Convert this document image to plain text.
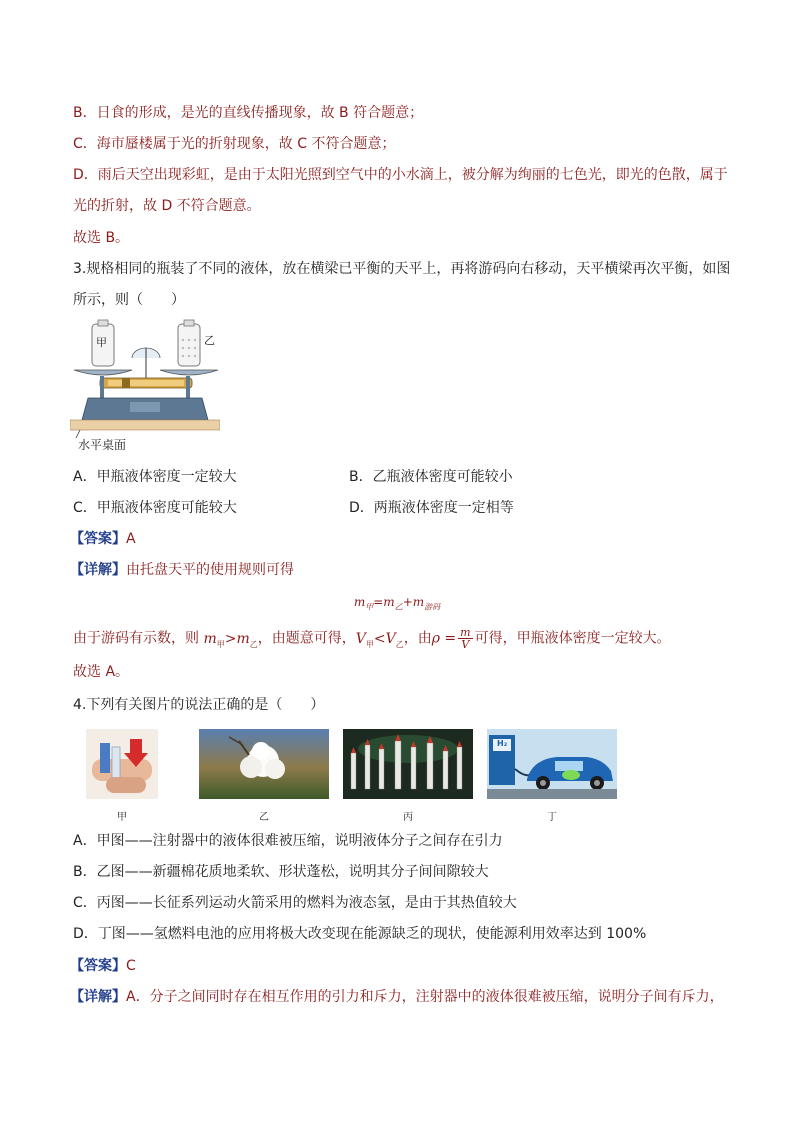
B．日食的形成，是光的直线传播现象，故 B 符合题意；
C．海市蜃楼属于光的折射现象，故 C 不符合题意；
D．雨后天空出现彩虹，是由于太阳光照到空气中的小水滴上，被分解为绚丽的七色光，即光的色散，属于
光的折射，故 D 不符合题意。
故选 B。
3.规格相同的瓶装了不同的液体，放在横梁已平衡的天平上，再将游码向右移动，天平横梁再次平衡，如图
所示，则（　　）
甲	乙
水平桌面
A．甲瓶液体密度一定较大	B．乙瓶液体密度可能较小
C．甲瓶液体密度可能较大	D．两瓶液体密度一定相等
【答案】A
【详解】由托盘天平的使用规则可得
$m_甲=m_乙+m_{游码}$
由于游码有示数，则 $m_甲>m_乙$，由题意可得，$V_甲<V_乙$，由$\rho = \frac{m}{V}$ 可得，甲瓶液体密度一定较大。
故选 A。
4.下列有关图片的说法正确的是（　　）
H₂
甲	乙	丙	丁
A．甲图——注射器中的液体很难被压缩，说明液体分子之间存在引力
B．乙图——新疆棉花质地柔软、形状蓬松，说明其分子间间隙较大
C．丙图——长征系列运动火箭采用的燃料为液态氢，是由于其热值较大
D．丁图——氢燃料电池的应用将极大改变现在能源缺乏的现状，使能源利用效率达到 100%
【答案】C
【详解】A．分子之间同时存在相互作用的引力和斥力，注射器中的液体很难被压缩，说明分子间有斥力，
